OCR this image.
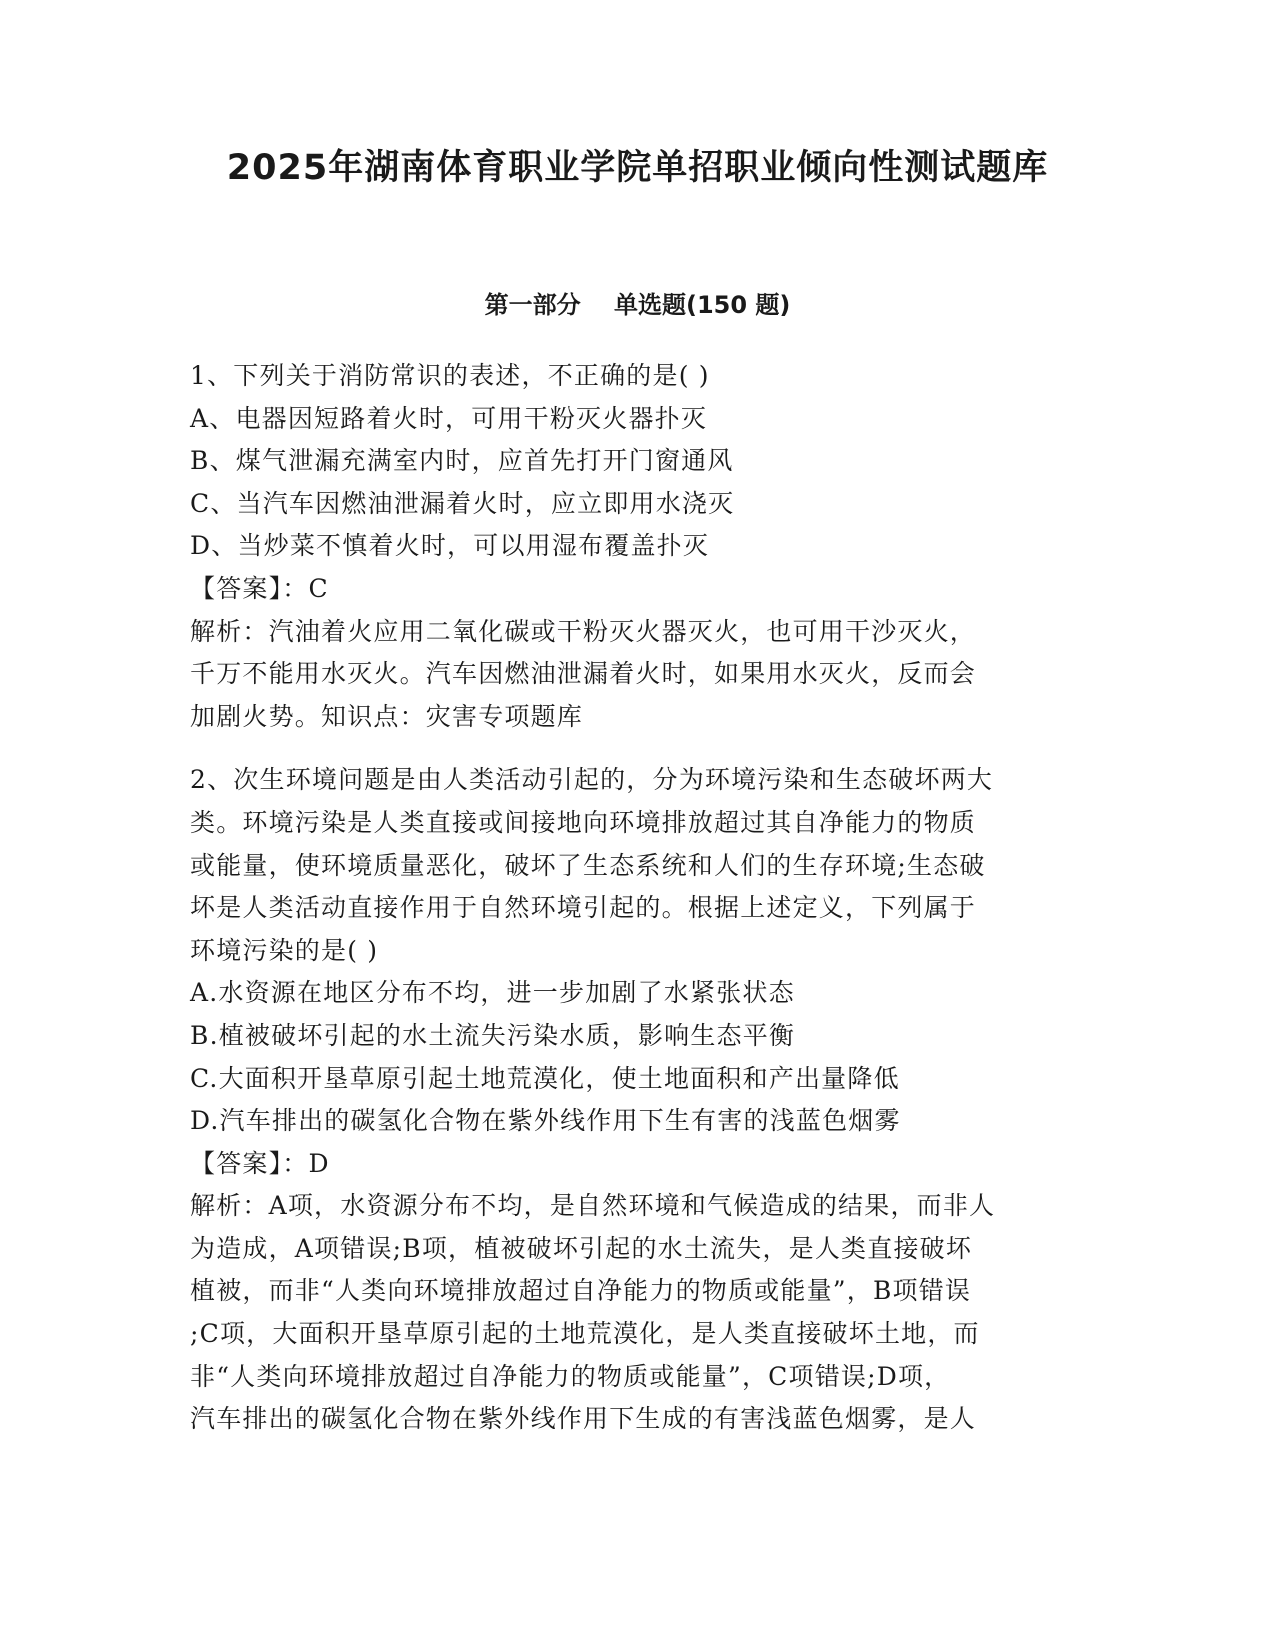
2025年湖南体育职业学院单招职业倾向性测试题库
第一部分    单选题(150 题)
1、下列关于消防常识的表述，不正确的是( )
A、电器因短路着火时，可用干粉灭火器扑灭
B、煤气泄漏充满室内时，应首先打开门窗通风
C、当汽车因燃油泄漏着火时，应立即用水浇灭
D、当炒菜不慎着火时，可以用湿布覆盖扑灭
【答案】：C
解析：汽油着火应用二氧化碳或干粉灭火器灭火，也可用干沙灭火，
千万不能用水灭火。汽车因燃油泄漏着火时，如果用水灭火，反而会
加剧火势。知识点：灾害专项题库
2、次生环境问题是由人类活动引起的，分为环境污染和生态破坏两大
类。环境污染是人类直接或间接地向环境排放超过其自净能力的物质
或能量，使环境质量恶化，破坏了生态系统和人们的生存环境;生态破
坏是人类活动直接作用于自然环境引起的。根据上述定义，下列属于
环境污染的是( )
A.水资源在地区分布不均，进一步加剧了水紧张状态
B.植被破坏引起的水土流失污染水质，影响生态平衡
C.大面积开垦草原引起土地荒漠化，使土地面积和产出量降低
D.汽车排出的碳氢化合物在紫外线作用下生有害的浅蓝色烟雾
【答案】：D
解析：A项，水资源分布不均，是自然环境和气候造成的结果，而非人
为造成，A项错误;B项，植被破坏引起的水土流失，是人类直接破坏
植被，而非“人类向环境排放超过自净能力的物质或能量”，B项错误
;C项，大面积开垦草原引起的土地荒漠化，是人类直接破坏土地，而
非“人类向环境排放超过自净能力的物质或能量”，C项错误;D项，
汽车排出的碳氢化合物在紫外线作用下生成的有害浅蓝色烟雾，是人
